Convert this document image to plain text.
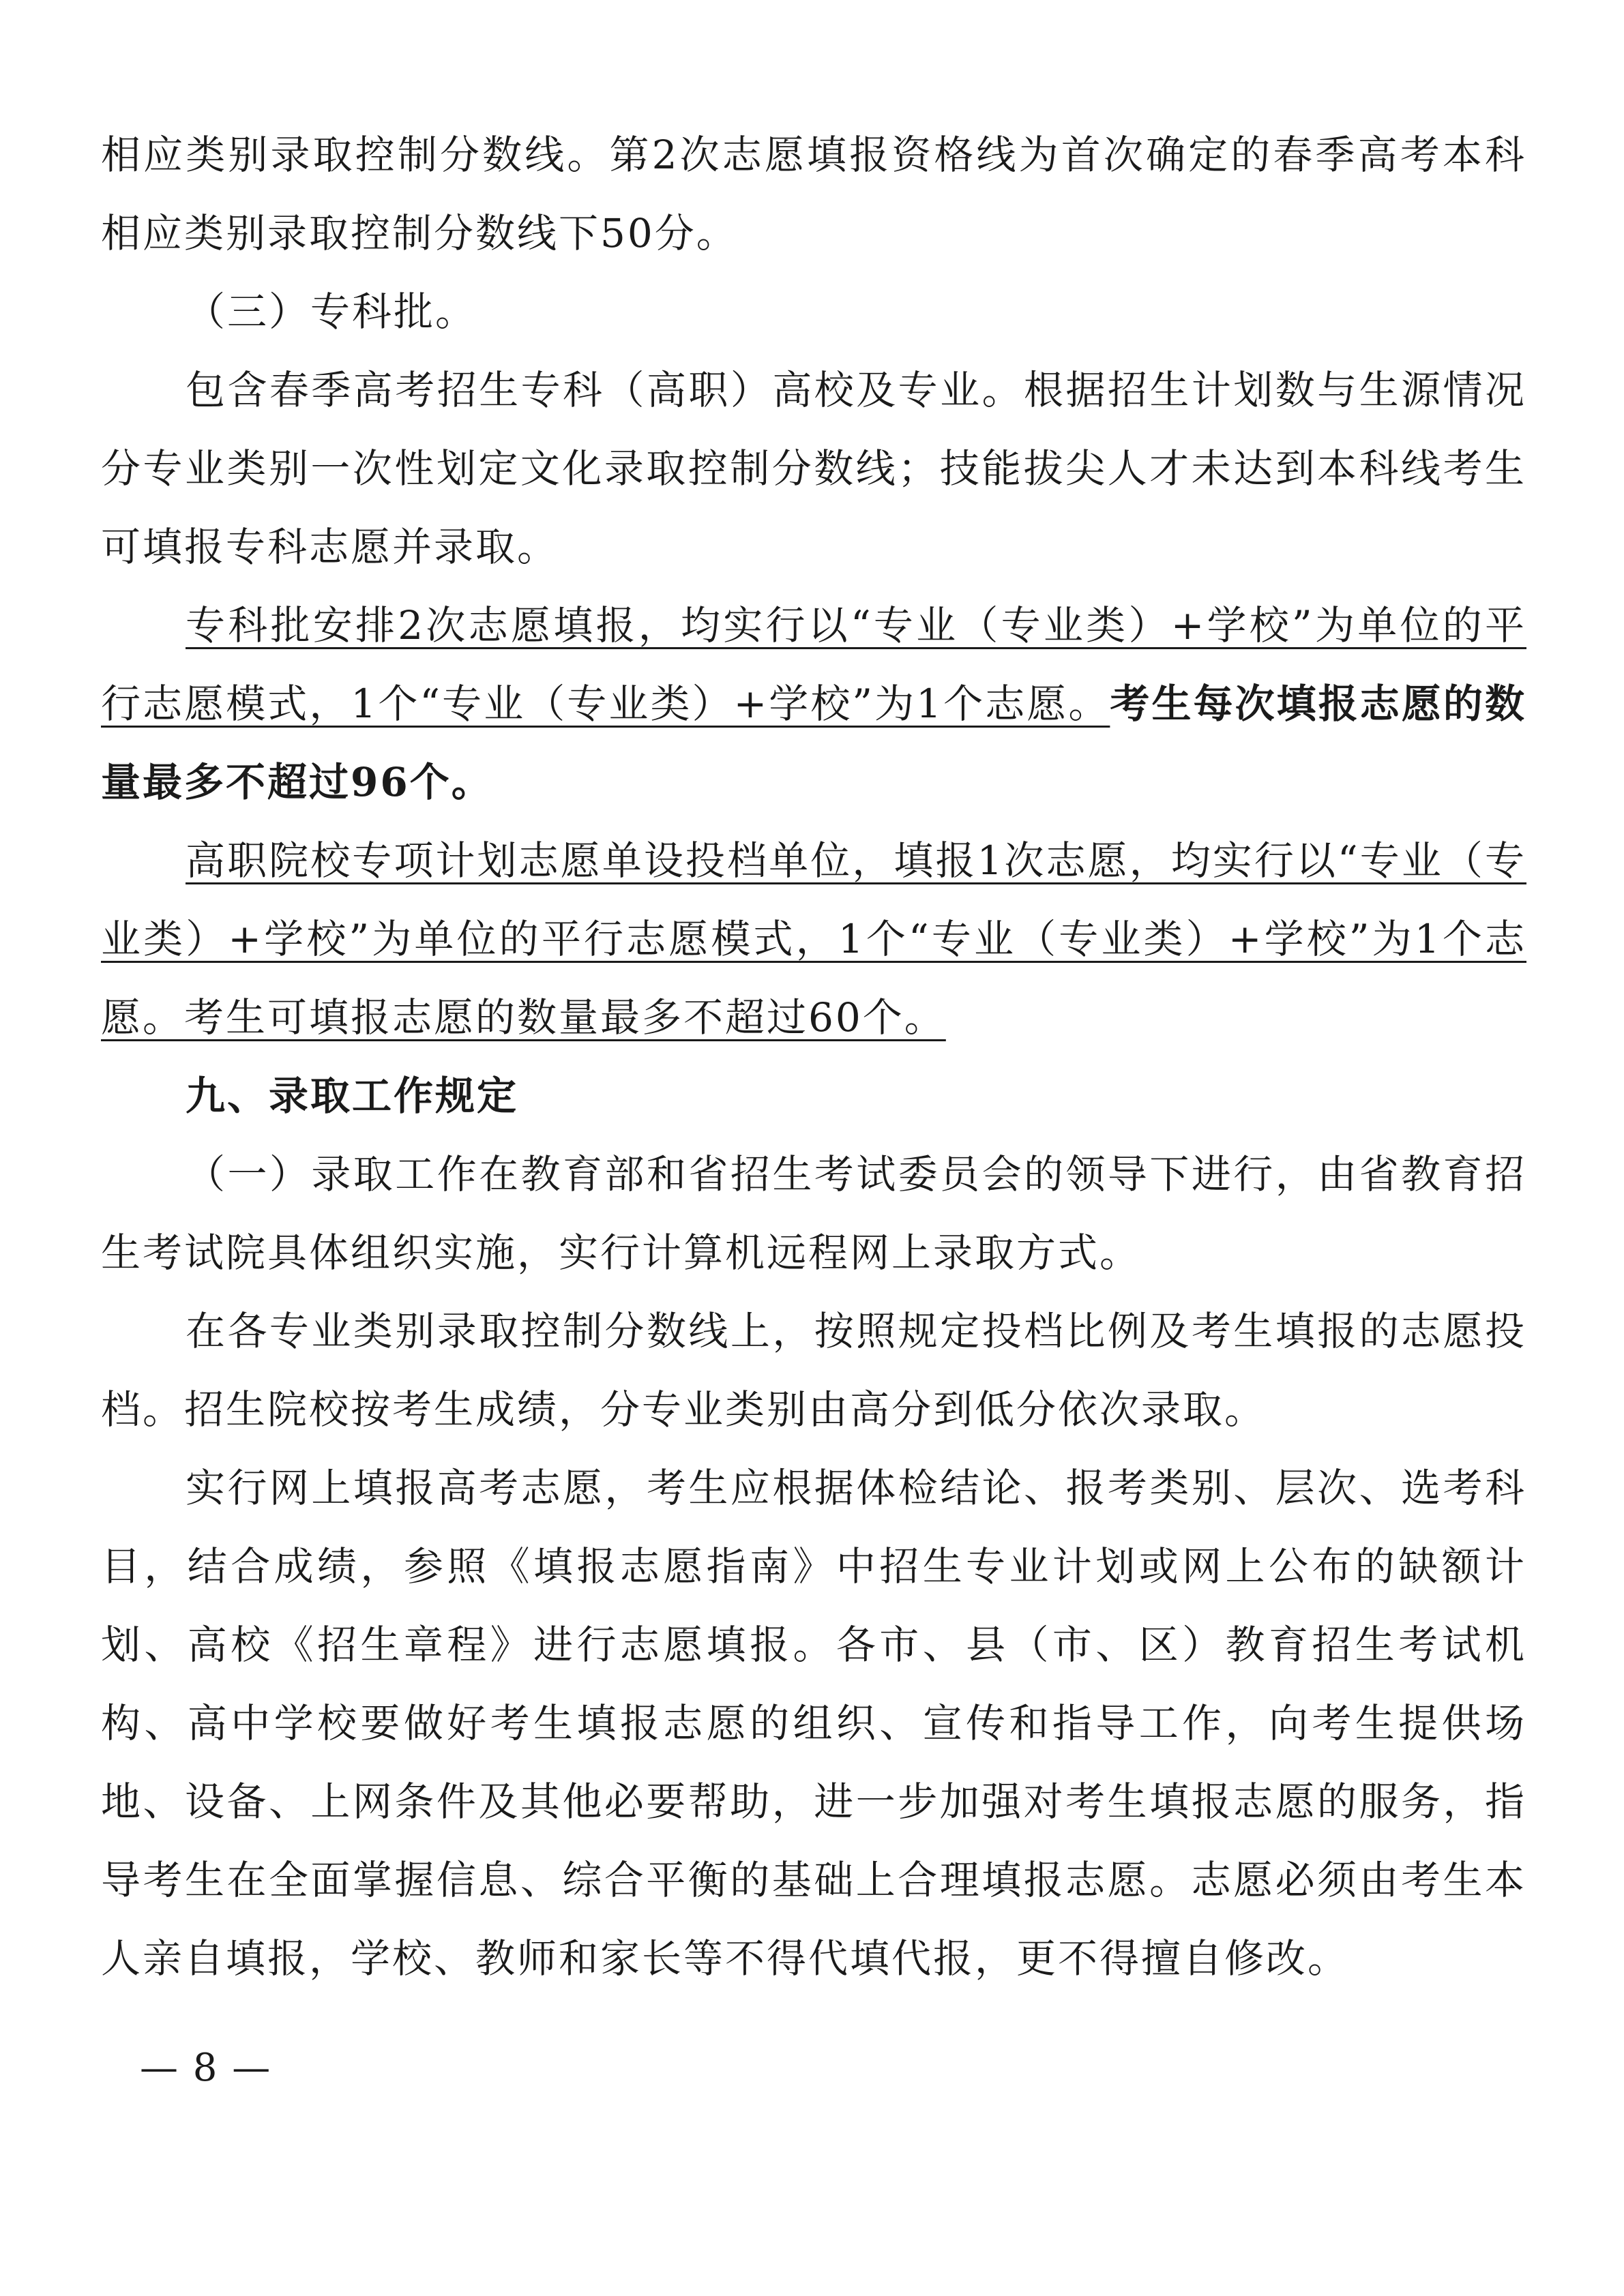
相应类别录取控制分数线。第2次志愿填报资格线为首次确定的春季高考本科相应类别录取控制分数线下50分。

（三）专科批。

包含春季高考招生专科（高职）高校及专业。根据招生计划数与生源情况分专业类别一次性划定文化录取控制分数线；技能拔尖人才未达到本科线考生可填报专科志愿并录取。

专科批安排2次志愿填报，均实行以“专业（专业类）+学校”为单位的平行志愿模式，1个“专业（专业类）+学校”为1个志愿。考生每次填报志愿的数量最多不超过96个。

高职院校专项计划志愿单设投档单位，填报1次志愿，均实行以“专业（专业类）+学校”为单位的平行志愿模式，1个“专业（专业类）+学校”为1个志愿。考生可填报志愿的数量最多不超过60个。

九、录取工作规定

（一）录取工作在教育部和省招生考试委员会的领导下进行，由省教育招生考试院具体组织实施，实行计算机远程网上录取方式。

在各专业类别录取控制分数线上，按照规定投档比例及考生填报的志愿投档。招生院校按考生成绩，分专业类别由高分到低分依次录取。

实行网上填报高考志愿，考生应根据体检结论、报考类别、层次、选考科目，结合成绩，参照《填报志愿指南》中招生专业计划或网上公布的缺额计划、高校《招生章程》进行志愿填报。各市、县（市、区）教育招生考试机构、高中学校要做好考生填报志愿的组织、宣传和指导工作，向考生提供场地、设备、上网条件及其他必要帮助，进一步加强对考生填报志愿的服务，指导考生在全面掌握信息、综合平衡的基础上合理填报志愿。志愿必须由考生本人亲自填报，学校、教师和家长等不得代填代报，更不得擅自修改。

— 8 —
